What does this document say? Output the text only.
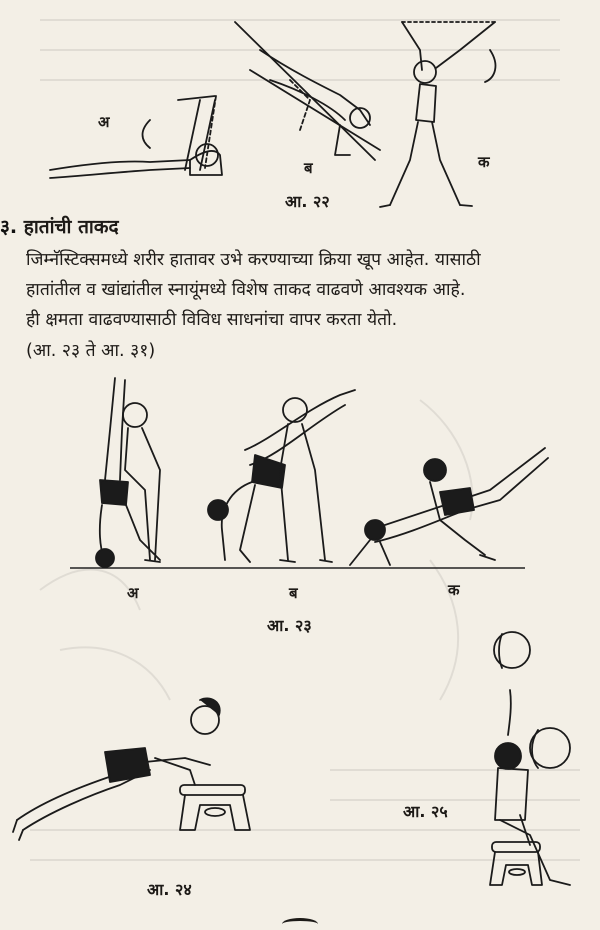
अ
ब	क
आ. २२
३. हातांची ताकद
जिम्नॅस्टिक्समध्ये शरीर हातावर उभे करण्याच्या क्रिया खूप आहेत. यासाठी
हातांतील व खांद्यांतील स्नायूंमध्ये विशेष ताकद वाढवणे आवश्यक आहे.
ही क्षमता वाढवण्यासाठी विविध साधनांचा वापर करता येतो.
(आ. २३ ते आ. ३१)
अ	ब	क
आ. २३
आ. २४
आ. २५
